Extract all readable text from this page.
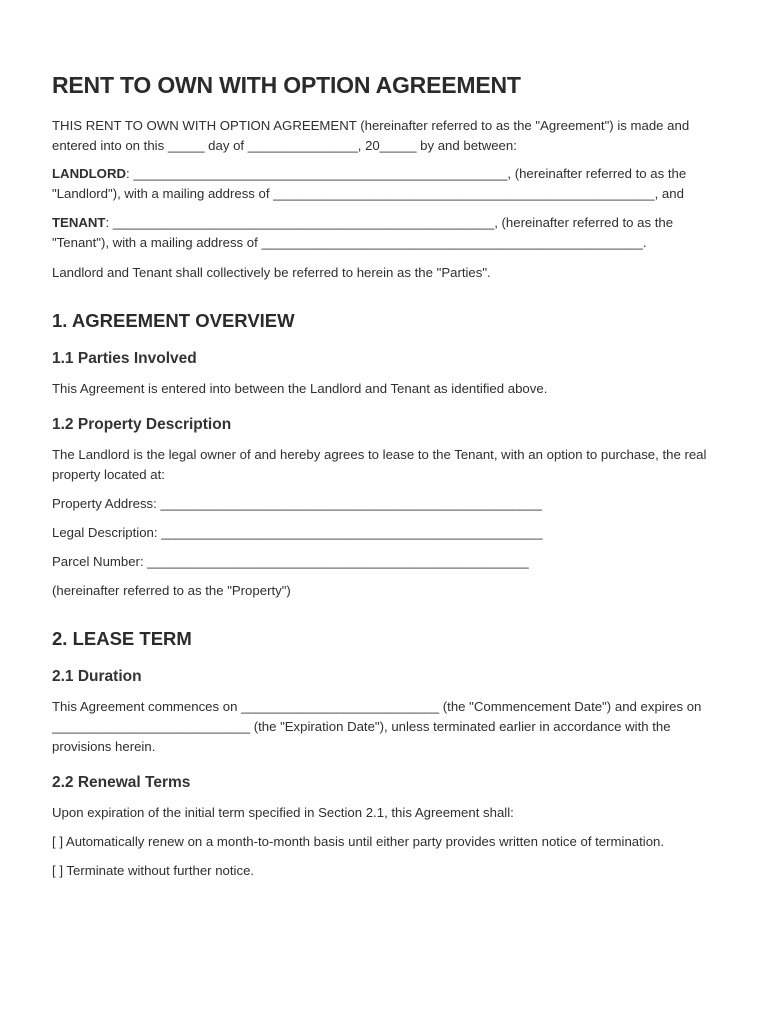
RENT TO OWN WITH OPTION AGREEMENT

THIS RENT TO OWN WITH OPTION AGREEMENT (hereinafter referred to as the "Agreement") is made and entered into on this _____ day of _______________, 20_____ by and between:

LANDLORD: ___________________________________________________, (hereinafter referred to as the "Landlord"), with a mailing address of ____________________________________________________, and

TENANT: ____________________________________________________, (hereinafter referred to as the "Tenant"), with a mailing address of ____________________________________________________.

Landlord and Tenant shall collectively be referred to herein as the "Parties".

1. AGREEMENT OVERVIEW
1.1 Parties Involved

This Agreement is entered into between the Landlord and Tenant as identified above.

1.2 Property Description

The Landlord is the legal owner of and hereby agrees to lease to the Tenant, with an option to purchase, the real property located at:

Property Address: ____________________________________________________

Legal Description: ____________________________________________________

Parcel Number: ____________________________________________________

(hereinafter referred to as the "Property")

2. LEASE TERM
2.1 Duration

This Agreement commences on ___________________________ (the "Commencement Date") and expires on ___________________________ (the "Expiration Date"), unless terminated earlier in accordance with the provisions herein.

2.2 Renewal Terms

Upon expiration of the initial term specified in Section 2.1, this Agreement shall:

[ ] Automatically renew on a month-to-month basis until either party provides written notice of termination.

[ ] Terminate without further notice.
